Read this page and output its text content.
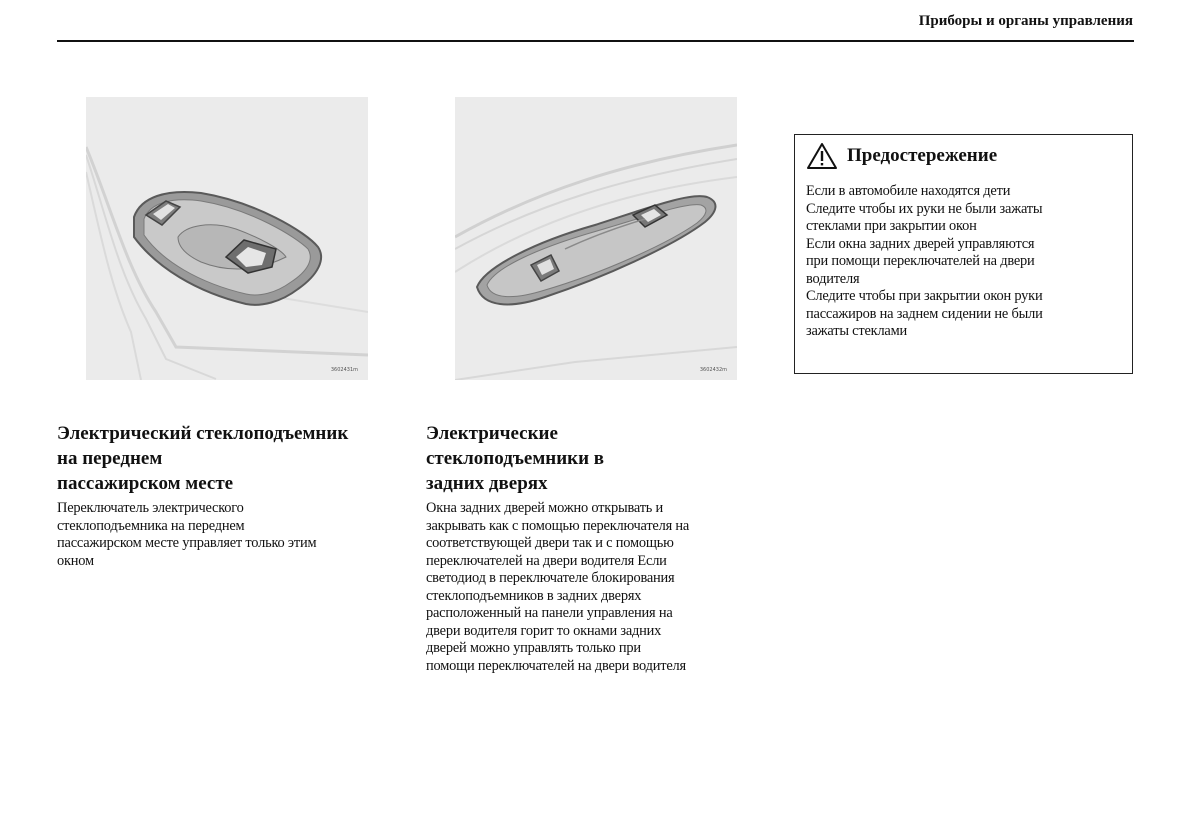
Приборы и органы управления
3602431m	3602432m
Предостережение
Если в автомобиле находятся дети
Следите чтобы их руки не были зажаты
стеклами при закрытии окон
Если окна задних дверей управляются
при помощи переключателей на двери
водителя
Следите чтобы при закрытии окон руки
пассажиров на заднем сидении не были
зажаты стеклами
Электрический стеклоподъемник
на переднем
пассажирском месте
Переключатель электрического
стеклоподъемника на переднем
пассажирском месте управляет только этим
окном
Электрические
стеклоподъемники в
задних дверях
Окна задних дверей можно открывать и
закрывать как с помощью переключателя на
соответствующей двери так и с помощью
переключателей на двери водителя Если
светодиод в переключателе блокирования
стеклоподъемников в задних дверях
расположенный на панели управления на
двери водителя горит то окнами задних
дверей можно управлять только при
помощи переключателей на двери водителя
